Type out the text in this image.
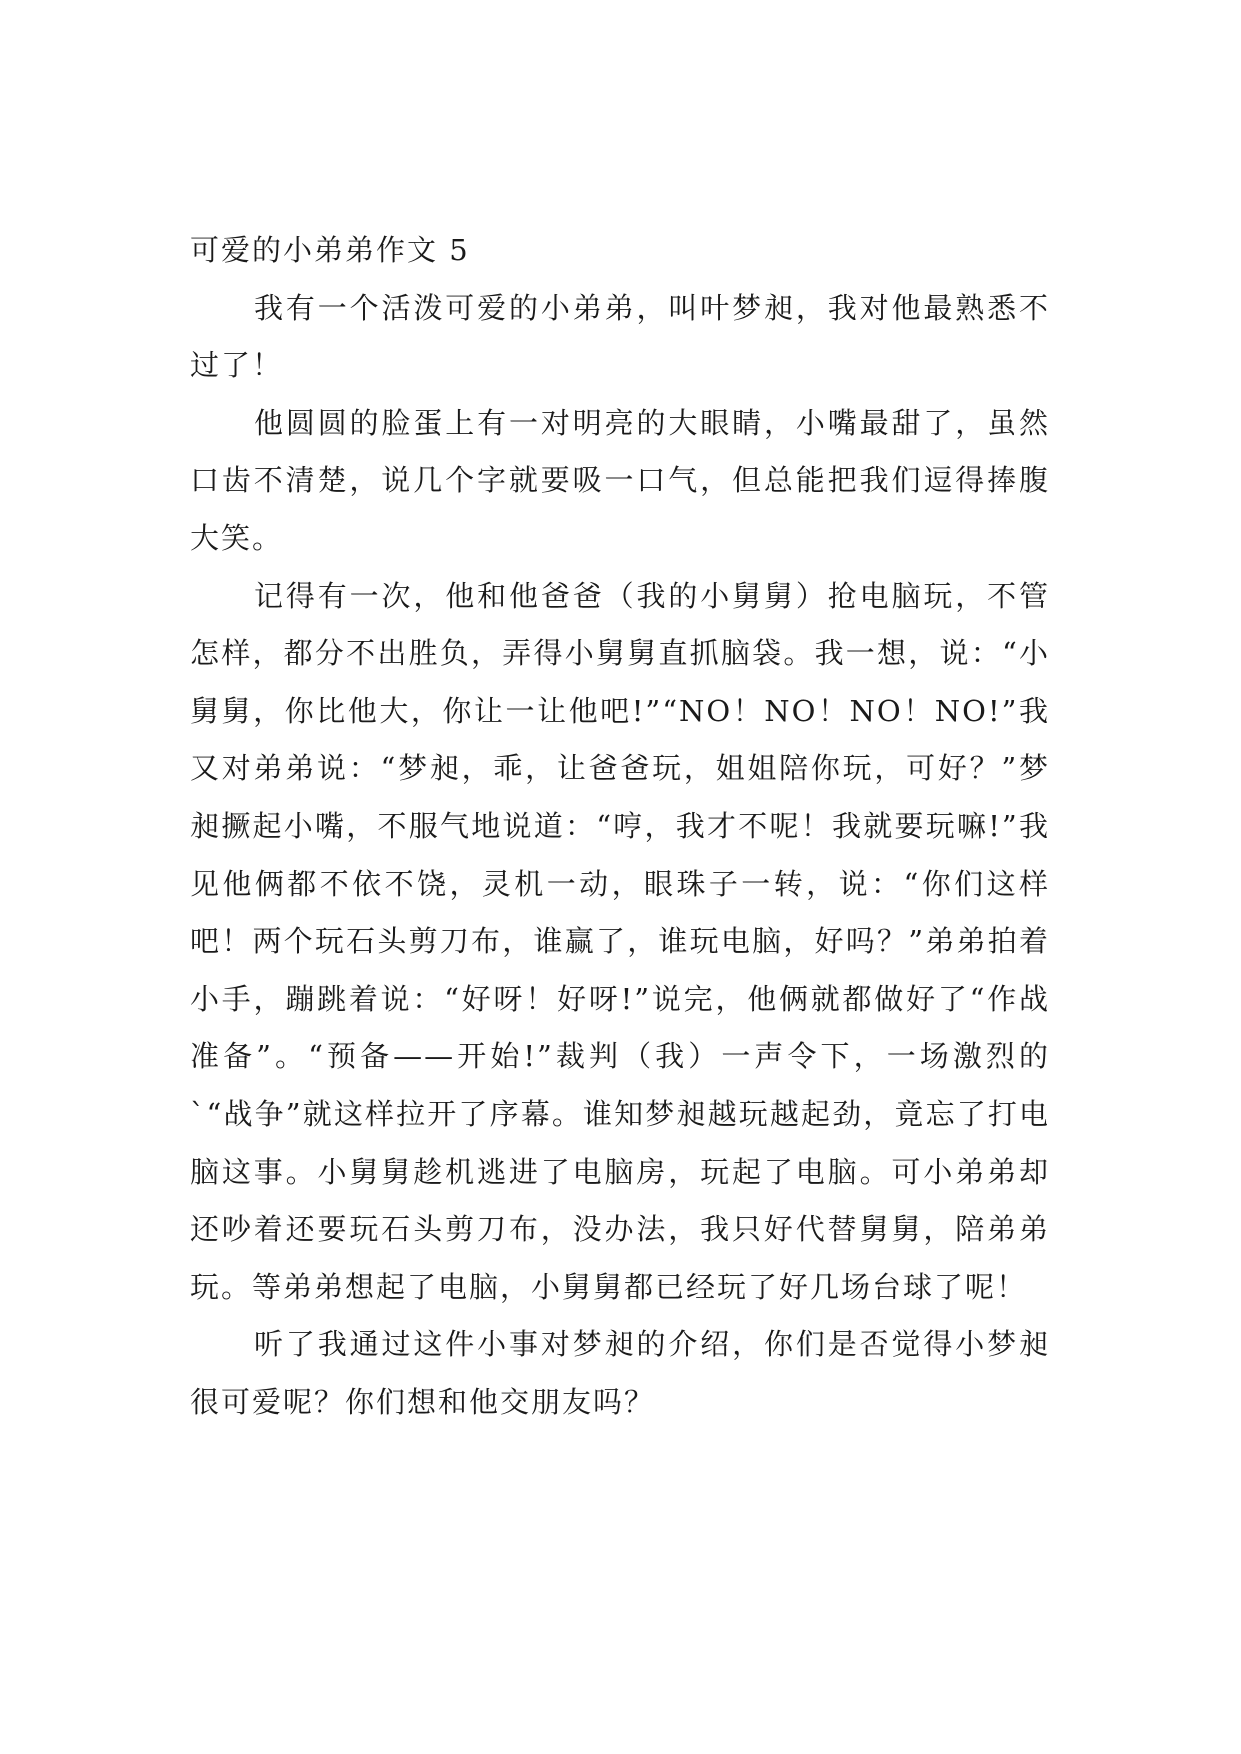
可爱的小弟弟作文 5

我有一个活泼可爱的小弟弟，叫叶梦昶，我对他最熟悉不过了！

他圆圆的脸蛋上有一对明亮的大眼睛，小嘴最甜了，虽然口齿不清楚，说几个字就要吸一口气，但总能把我们逗得捧腹大笑。

记得有一次，他和他爸爸（我的小舅舅）抢电脑玩，不管怎样，都分不出胜负，弄得小舅舅直抓脑袋。我一想，说：“小舅舅，你比他大，你让一让他吧!”“NO！NO！NO！NO!”我又对弟弟说：“梦昶，乖，让爸爸玩，姐姐陪你玩，可好？”梦昶撅起小嘴，不服气地说道：“哼，我才不呢！我就要玩嘛!”我见他俩都不依不饶，灵机一动，眼珠子一转，说：“你们这样吧！两个玩石头剪刀布，谁赢了，谁玩电脑，好吗？”弟弟拍着小手，蹦跳着说：“好呀！好呀!”说完，他俩就都做好了“作战准备”。“预备——开始!”裁判（我）一声令下，一场激烈的`“战争”就这样拉开了序幕。谁知梦昶越玩越起劲，竟忘了打电脑这事。小舅舅趁机逃进了电脑房，玩起了电脑。可小弟弟却还吵着还要玩石头剪刀布，没办法，我只好代替舅舅，陪弟弟玩。等弟弟想起了电脑，小舅舅都已经玩了好几场台球了呢！

听了我通过这件小事对梦昶的介绍，你们是否觉得小梦昶很可爱呢？你们想和他交朋友吗？
